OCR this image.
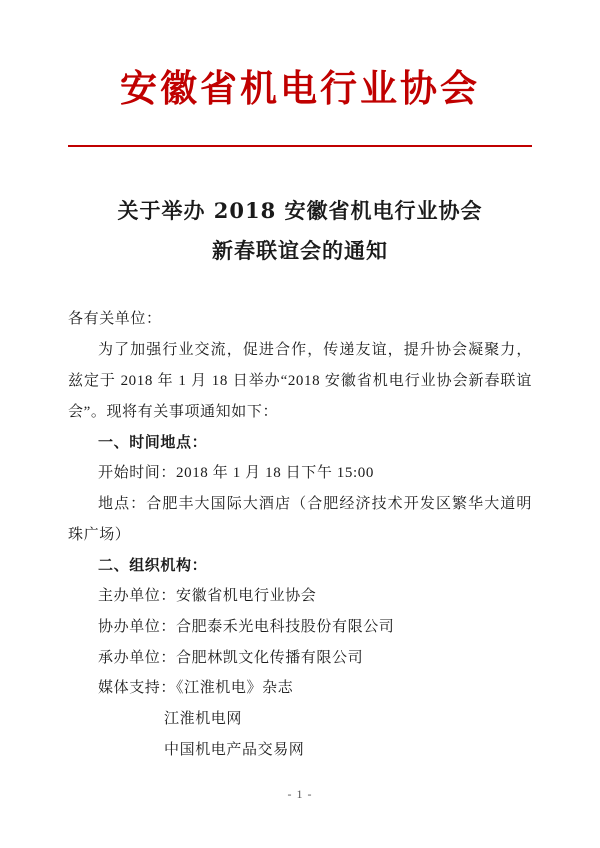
安徽省机电行业协会
关于举办 2018 安徽省机电行业协会
新春联谊会的通知

各有关单位：

为了加强行业交流，促进合作，传递友谊，提升协会凝聚力，兹定于 2018 年 1 月 18 日举办“2018 安徽省机电行业协会新春联谊会”。现将有关事项通知如下：

一、时间地点：

开始时间：2018 年 1 月 18 日下午 15:00

地点：合肥丰大国际大酒店（合肥经济技术开发区繁华大道明珠广场）

二、组织机构：

主办单位：安徽省机电行业协会

协办单位：合肥泰禾光电科技股份有限公司

承办单位：合肥林凯文化传播有限公司

媒体支持：《江淮机电》杂志

江淮机电网

中国机电产品交易网

- 1 -
